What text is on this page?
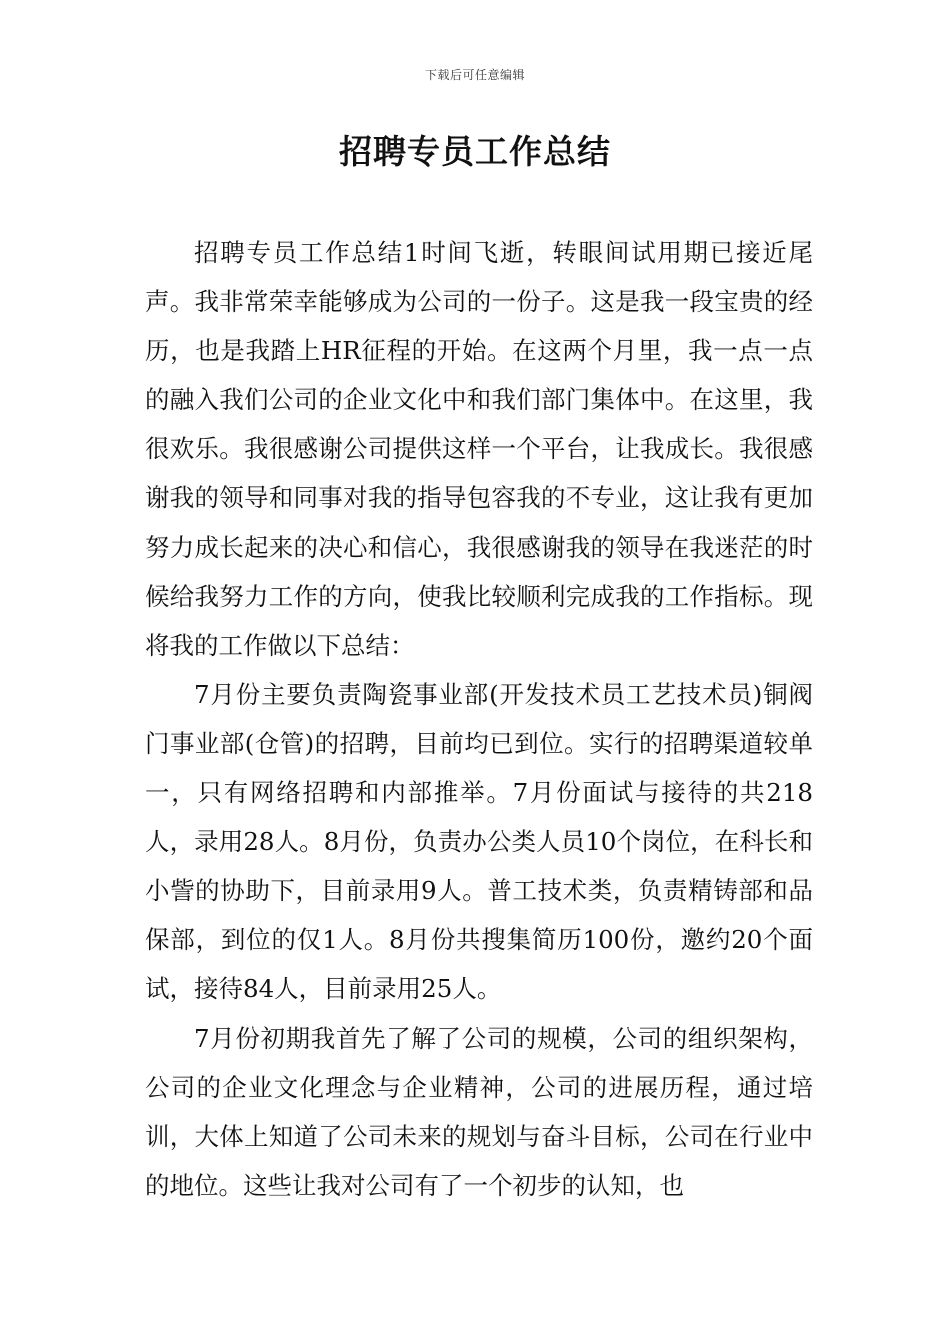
下载后可任意编辑
招聘专员工作总结

招聘专员工作总结1时间飞逝，转眼间试用期已接近尾声。我非常荣幸能够成为公司的一份子。这是我一段宝贵的经历，也是我踏上HR征程的开始。在这两个月里，我一点一点的融入我们公司的企业文化中和我们部门集体中。在这里，我很欢乐。我很感谢公司提供这样一个平台，让我成长。我很感谢我的领导和同事对我的指导包容我的不专业，这让我有更加努力成长起来的决心和信心，我很感谢我的领导在我迷茫的时候给我努力工作的方向，使我比较顺利完成我的工作指标。现将我的工作做以下总结：

7月份主要负责陶瓷事业部(开发技术员工艺技术员)铜阀门事业部(仓管)的招聘，目前均已到位。实行的招聘渠道较单一，只有网络招聘和内部推举。7月份面试与接待的共218人，录用28人。8月份，负责办公类人员10个岗位，在科长和小訾的协助下，目前录用9人。普工技术类，负责精铸部和品保部，到位的仅1人。8月份共搜集简历100份，邀约20个面试，接待84人，目前录用25人。

7月份初期我首先了解了公司的规模，公司的组织架构，公司的企业文化理念与企业精神，公司的进展历程，通过培训，大体上知道了公司未来的规划与奋斗目标，公司在行业中的地位。这些让我对公司有了一个初步的认知，也
